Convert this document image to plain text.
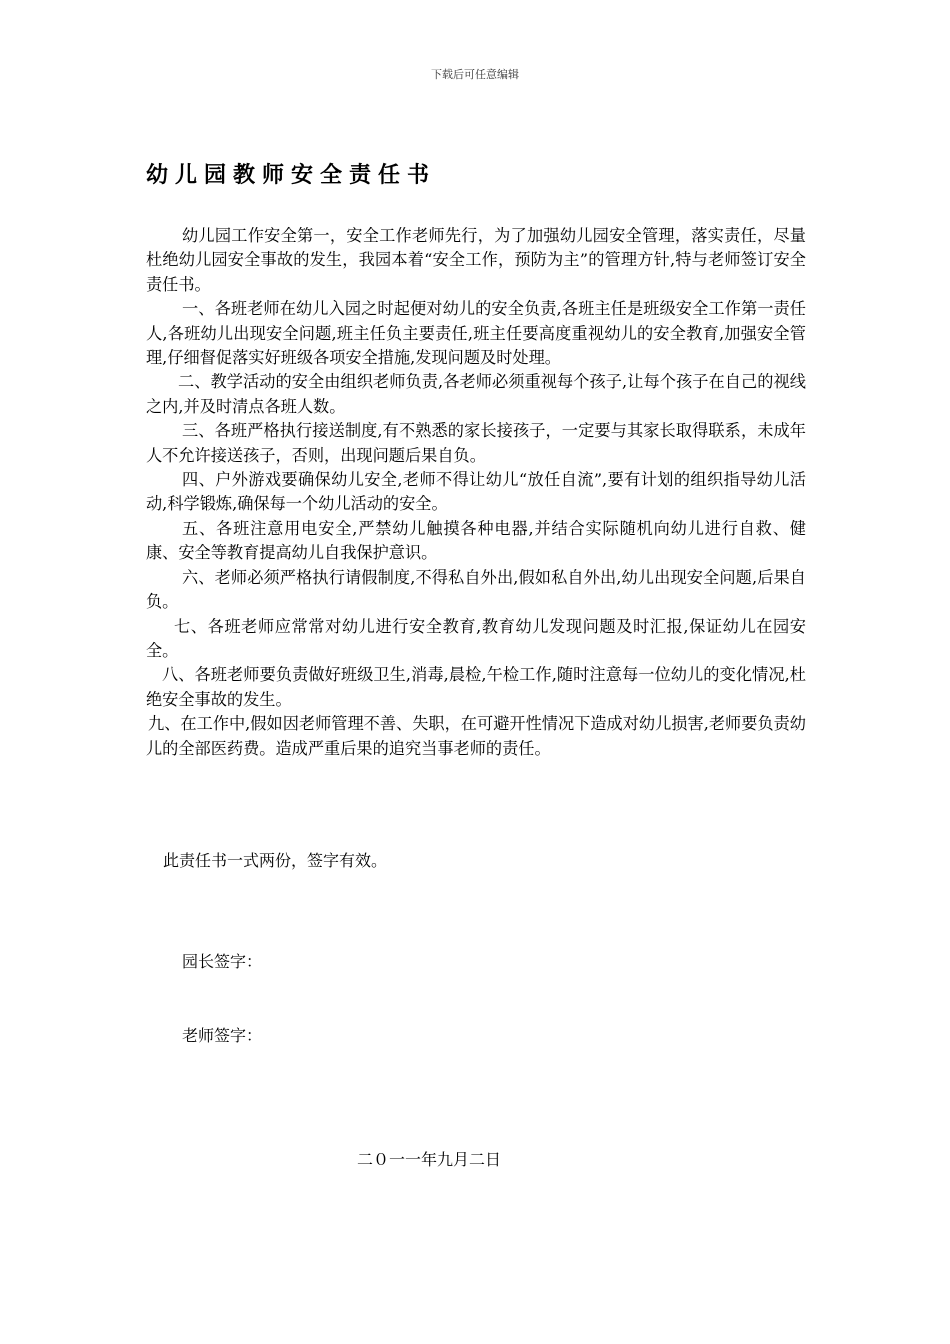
下载后可任意编辑
幼儿园教师安全责任书

幼儿园工作安全第一，安全工作老师先行，为了加强幼儿园安全管理，落实责任，尽量杜绝幼儿园安全事故的发生，我园本着“安全工作，预防为主”的管理方针,特与老师签订安全责任书。

一、各班老师在幼儿入园之时起便对幼儿的安全负责,各班主任是班级安全工作第一责任人,各班幼儿出现安全问题,班主任负主要责任,班主任要高度重视幼儿的安全教育,加强安全管理,仔细督促落实好班级各项安全措施,发现问题及时处理。

二、教学活动的安全由组织老师负责,各老师必须重视每个孩子,让每个孩子在自己的视线之内,并及时清点各班人数。

三、各班严格执行接送制度,有不熟悉的家长接孩子，一定要与其家长取得联系，未成年人不允许接送孩子，否则，出现问题后果自负。

四、户外游戏要确保幼儿安全,老师不得让幼儿“放任自流”,要有计划的组织指导幼儿活动,科学锻炼,确保每一个幼儿活动的安全。

五、各班注意用电安全,严禁幼儿触摸各种电器,并结合实际随机向幼儿进行自救、健康、安全等教育提高幼儿自我保护意识。

六、老师必须严格执行请假制度,不得私自外出,假如私自外出,幼儿出现安全问题,后果自负。

七、各班老师应常常对幼儿进行安全教育,教育幼儿发现问题及时汇报,保证幼儿在园安全。

八、各班老师要负责做好班级卫生,消毒,晨检,午检工作,随时注意每一位幼儿的变化情况,杜绝安全事故的发生。

九、在工作中,假如因老师管理不善、失职，在可避开性情况下造成对幼儿损害,老师要负责幼儿的全部医药费。造成严重后果的追究当事老师的责任。

此责任书一式两份，签字有效。
园长签字：
老师签字：
二０一一年九月二日
